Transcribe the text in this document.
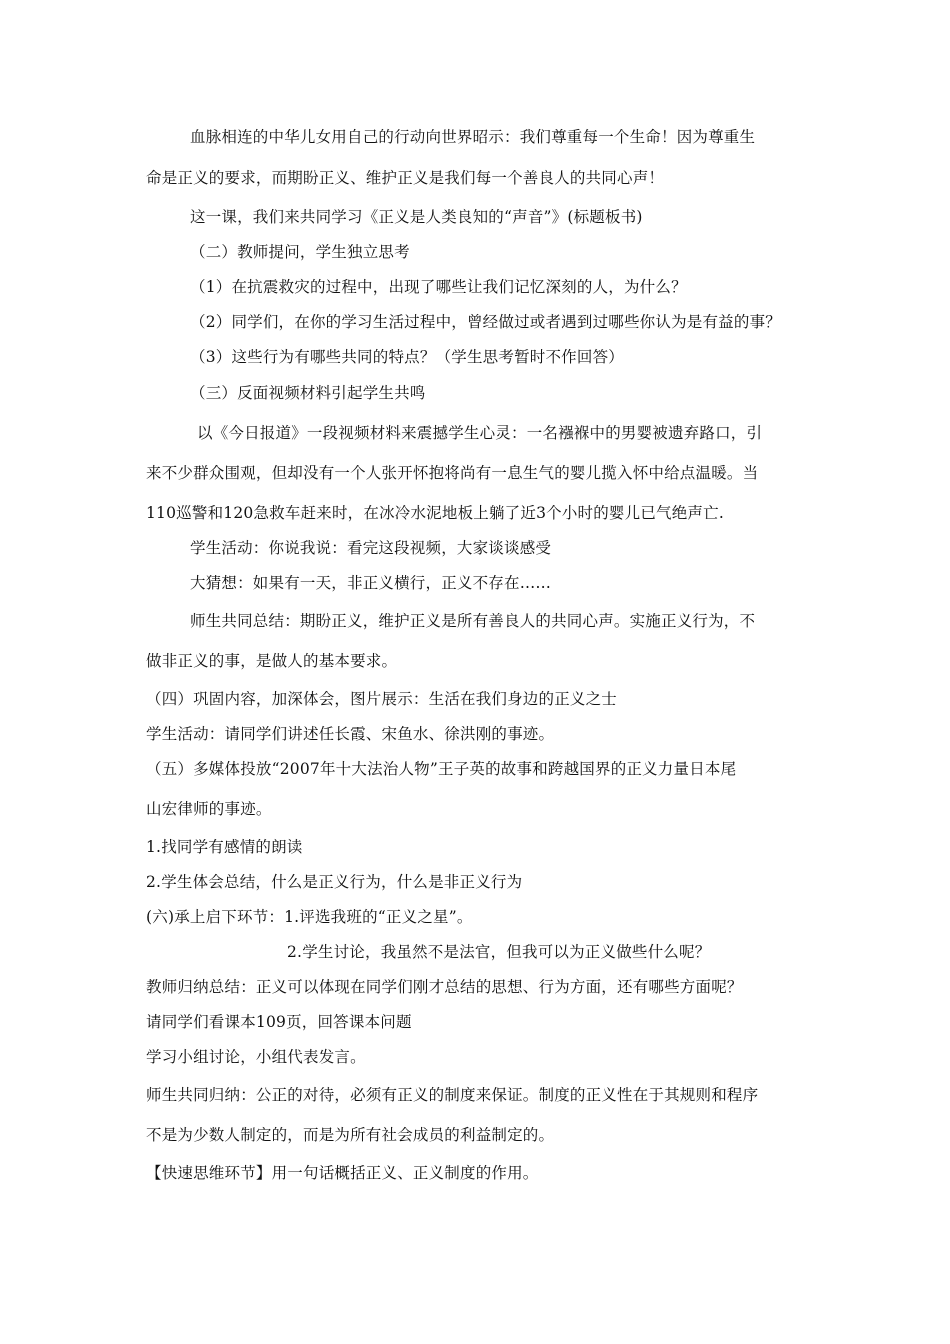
血脉相连的中华儿女用自己的行动向世界昭示：我们尊重每一个生命！因为尊重生

命是正义的要求，而期盼正义、维护正义是我们每一个善良人的共同心声！

这一课，我们来共同学习《正义是人类良知的“声音”》(标题板书)

（二）教师提问，学生独立思考

（1）在抗震救灾的过程中，出现了哪些让我们记忆深刻的人，为什么？

（2）同学们，在你的学习生活过程中，曾经做过或者遇到过哪些你认为是有益的事？

（3）这些行为有哪些共同的特点？（学生思考暂时不作回答）

（三）反面视频材料引起学生共鸣

以《今日报道》一段视频材料来震撼学生心灵：一名襁褓中的男婴被遗弃路口，引

来不少群众围观，但却没有一个人张开怀抱将尚有一息生气的婴儿揽入怀中给点温暖。当

110巡警和120急救车赶来时，在冰冷水泥地板上躺了近3个小时的婴儿已气绝声亡.

学生活动：你说我说：看完这段视频，大家谈谈感受

大猜想：如果有一天，非正义横行，正义不存在……

师生共同总结：期盼正义，维护正义是所有善良人的共同心声。实施正义行为，不

做非正义的事，是做人的基本要求。

（四）巩固内容，加深体会，图片展示：生活在我们身边的正义之士

学生活动：请同学们讲述任长霞、宋鱼水、徐洪刚的事迹。

（五）多媒体投放“2007年十大法治人物”王子英的故事和跨越国界的正义力量日本尾

山宏律师的事迹。

1.找同学有感情的朗读

2.学生体会总结，什么是正义行为，什么是非正义行为

(六)承上启下环节：1.评选我班的“正义之星”。

2.学生讨论，我虽然不是法官，但我可以为正义做些什么呢？

教师归纳总结：正义可以体现在同学们刚才总结的思想、行为方面，还有哪些方面呢？

请同学们看课本109页，回答课本问题

学习小组讨论，小组代表发言。

师生共同归纳：公正的对待，必须有正义的制度来保证。制度的正义性在于其规则和程序

不是为少数人制定的，而是为所有社会成员的利益制定的。

【快速思维环节】用一句话概括正义、正义制度的作用。
